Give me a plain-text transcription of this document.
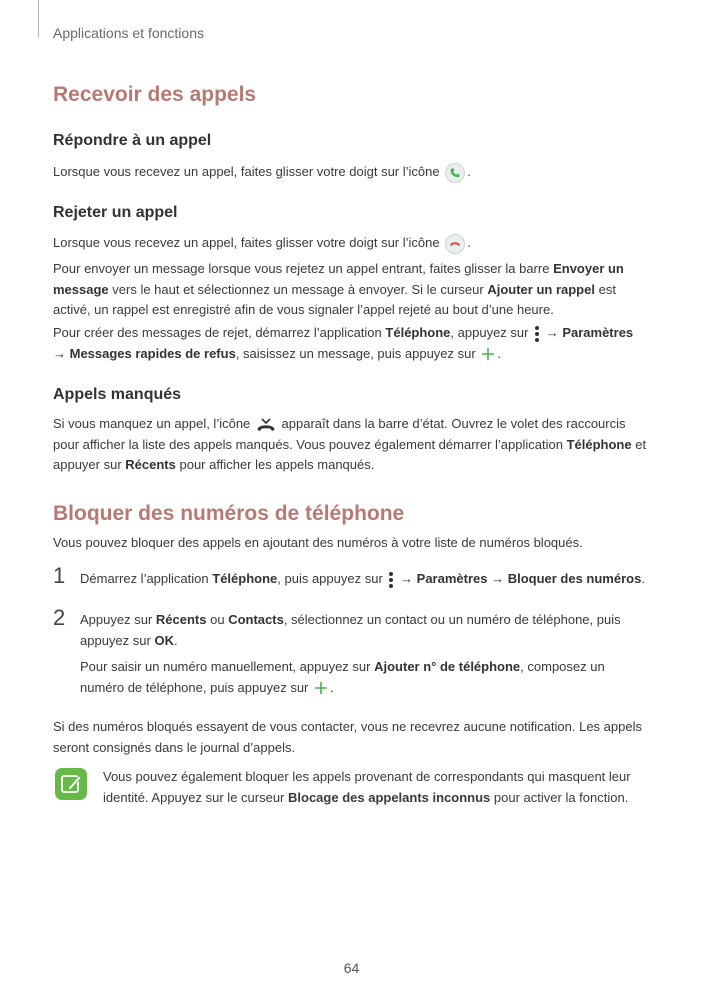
Applications et fonctions
Recevoir des appels
Répondre à un appel

Lorsque vous recevez un appel, faites glisser votre doigt sur l’icône .

Rejeter un appel

Lorsque vous recevez un appel, faites glisser votre doigt sur l’icône .

Pour envoyer un message lorsque vous rejetez un appel entrant, faites glisser la barre Envoyer un message vers le haut et sélectionnez un message à envoyer. Si le curseur Ajouter un rappel est activé, un rappel est enregistré afin de vous signaler l’appel rejeté au bout d’une heure.

Pour créer des messages de rejet, démarrez l’application Téléphone, appuyez sur → Paramètres
→ Messages rapides de refus, saisissez un message, puis appuyez sur .

Appels manqués

Si vous manquez un appel, l’icône apparaît dans la barre d’état. Ouvrez le volet des raccourcis pour afficher la liste des appels manqués. Vous pouvez également démarrer l’application Téléphone et appuyer sur Récents pour afficher les appels manqués.

Bloquer des numéros de téléphone

Vous pouvez bloquer des appels en ajoutant des numéros à votre liste de numéros bloqués.

1 Démarrez l’application Téléphone, puis appuyez sur → Paramètres → Bloquer des numéros.

2 Appuyez sur Récents ou Contacts, sélectionnez un contact ou un numéro de téléphone, puis appuyez sur OK.

Pour saisir un numéro manuellement, appuyez sur Ajouter n° de téléphone, composez un numéro de téléphone, puis appuyez sur .

Si des numéros bloqués essayent de vous contacter, vous ne recevrez aucune notification. Les appels seront consignés dans le journal d’appels.

Vous pouvez également bloquer les appels provenant de correspondants qui masquent leur identité. Appuyez sur le curseur Blocage des appelants inconnus pour activer la fonction.

64
